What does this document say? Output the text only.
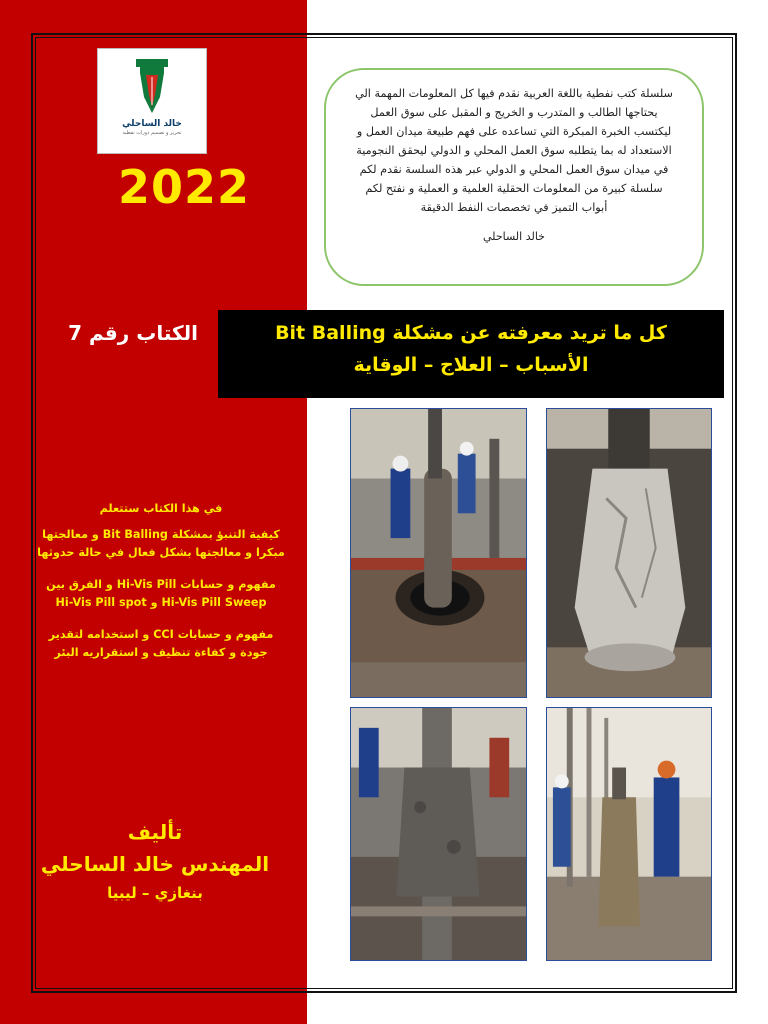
خالد الساحلي
تحرير و تصميم دورات نفطية
2022
سلسلة كتب نفطية باللغة العربية نقدم فيها كل المعلومات المهمة الي
يحتاجها الطالب و المتدرب و الخريج و المقبل على سوق العمل
ليكتسب الخبرة المبكرة التي تساعده على فهم طبيعة ميدان العمل و
الاستعداد له بما يتطلبه سوق العمل المحلي و الدولي ليحقق النجومية
في ميدان سوق العمل المحلي و الدولي عبر هذه السلسة نقدم لكم
سلسلة كبيرة من المعلومات الحقلية العلمية و العملية و نفتح لكم
أبواب التميز في تخصصات النفط الدقيقة
خالد الساحلي
الكتاب رقم 7	كل ما تريد معرفته عن مشكلة Bit Balling
الأسباب – العلاج – الوقاية
في هذا الكتاب ستتعلم
كيفية التنبؤ بمشكلة Bit Balling و معالجتها مبكرا و معالجتها بشكل فعال في حالة حدوثها
مفهوم و حسابات Hi-Vis Pill و الفرق بين Hi-Vis Pill Sweep و Hi-Vis Pill spot
مفهوم و حسابات CCI و استخدامه لتقدير جودة و كفاءة تنظيف و استقراريه البئر
تأليف
المهندس خالد الساحلي
بنغازي – ليبيا
